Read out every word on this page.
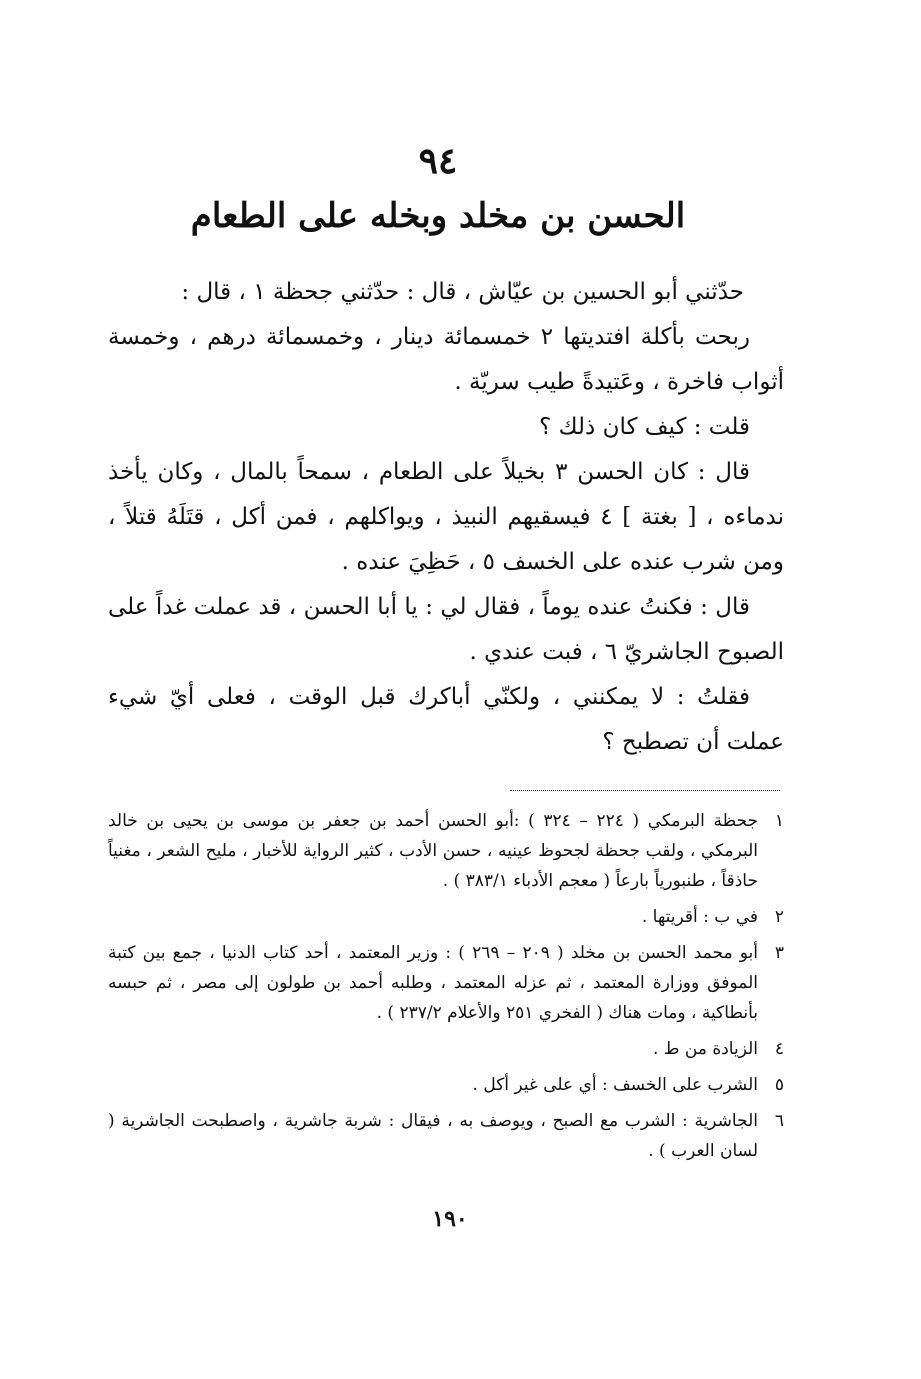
٩٤
الحسن بن مخلد وبخله على الطعام

حدّثني أبو الحسين بن عيّاش ، قال : حدّثني جحظة ١ ، قال :

ربحت بأكلة افتديتها ٢ خمسمائة دينار ، وخمسمائة درهم ، وخمسة أثواب فاخرة ، وعَتيدةً طيب سريّة .

قلت : كيف كان ذلك ؟

قال : كان الحسن ٣ بخيلاً على الطعام ، سمحاً بالمال ، وكان يأخذ ندماءه ، [ بغتة ] ٤ فيسقيهم النبيذ ، ويواكلهم ، فمن أكل ، قتَلَهُ قتلاً ، ومن شرب عنده على الخسف ٥ ، حَظِيَ عنده .

قال : فكنتُ عنده يوماً ، فقال لي : يا أبا الحسن ، قد عملت غداً على الصبوح الجاشريّ ٦ ، فبت عندي .

فقلتُ : لا يمكنني ، ولكنّي أباكرك قبل الوقت ، فعلى أيّ شيء عملت أن تصطبح ؟

١
جحظة البرمكي ( ٢٢٤ – ٣٢٤ ) :أبو الحسن أحمد بن جعفر بن موسى بن يحيى بن خالد البرمكي ، ولقب جحظة لجحوظ عينيه ، حسن الأدب ، كثير الرواية للأخبار ، مليح الشعر ، مغنياً حاذقاً ، طنبورياً بارعاً ( معجم الأدباء ٣٨٣/١ ) .
٢
في ب : أقريتها .
٣
أبو محمد الحسن بن مخلد ( ٢٠٩ – ٢٦٩ ) : وزير المعتمد ، أحد كتاب الدنيا ، جمع بين كتبة الموفق ووزارة المعتمد ، ثم عزله المعتمد ، وطلبه أحمد بن طولون إلى مصر ، ثم حبسه بأنطاكية ، ومات هناك ( الفخري ٢٥١ والأعلام ٢٣٧/٢ ) .
٤
الزيادة من ط .
٥
الشرب على الخسف : أي على غير أكل .
٦
الجاشرية : الشرب مع الصبح ، ويوصف به ، فيقال : شربة جاشرية ، واصطبحت الجاشرية ( لسان العرب ) .
١٩٠
